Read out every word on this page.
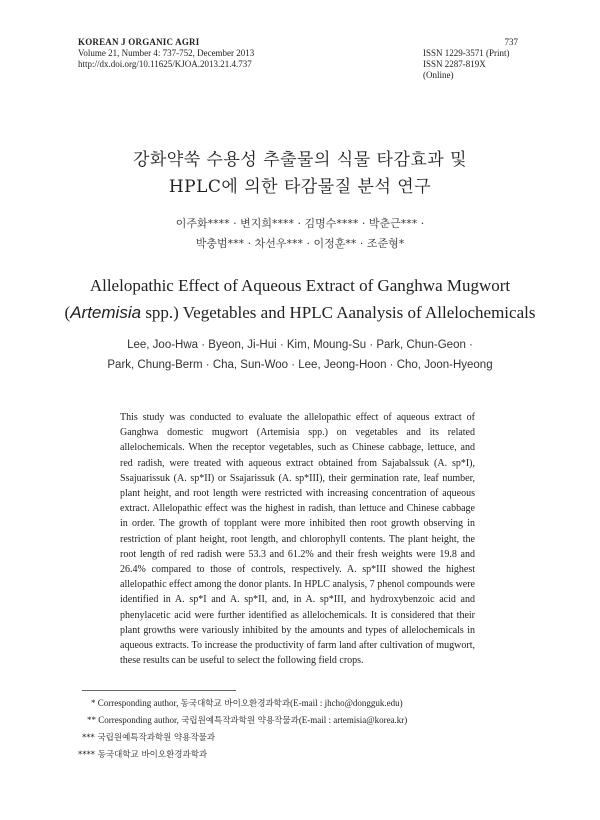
KOREAN J ORGANIC AGRI
Volume 21, Number 4: 737-752, December 2013
http://dx.doi.org/10.11625/KJOA.2013.21.4.737
737
ISSN 1229-3571 (Print)
ISSN 2287-819X (Online)
강화약쑥 수용성 추출물의 식물 타감효과 및
HPLC에 의한 타감물질 분석 연구
이주화**** · 변지희**** · 김명수**** · 박춘근*** ·
박충범*** · 차선우*** · 이정훈** · 조준형*
Allelopathic Effect of Aqueous Extract of Ganghwa Mugwort
(Artemisia spp.) Vegetables and HPLC Aanalysis of Allelochemicals
Lee, Joo-Hwa · Byeon, Ji-Hui · Kim, Moung-Su · Park, Chun-Geon ·
Park, Chung-Berm · Cha, Sun-Woo · Lee, Jeong-Hoon · Cho, Joon-Hyeong
This study was conducted to evaluate the allelopathic effect of aqueous extract of Ganghwa domestic mugwort (Artemisia spp.) on vegetables and its related allelochemicals. When the receptor vegetables, such as Chinese cabbage, lettuce, and red radish, were treated with aqueous extract obtained from Sajabalssuk (A. sp*I), Ssajuarissuk (A. sp*II) or Ssajarissuk (A. sp*III), their germination rate, leaf number, plant height, and root length were restricted with increasing concentration of aqueous extract. Allelopathic effect was the highest in radish, than lettuce and Chinese cabbage in order. The growth of topplant were more inhibited then root growth observing in restriction of plant height, root length, and chlorophyll contents. The plant height, the root length of red radish were 53.3 and 61.2% and their fresh weights were 19.8 and 26.4% compared to those of controls, respectively. A. sp*III showed the highest allelopathic effect among the donor plants. In HPLC analysis, 7 phenol compounds were identified in A. sp*I and A. sp*II, and, in A. sp*III, and hydroxybenzoic acid and phenylacetic acid were further identified as allelochemicals. It is considered that their plant growths were variously inhibited by the amounts and types of allelochemicals in aqueous extracts. To increase the productivity of farm land after cultivation of mugwort, these results can be useful to select the following field crops.
* Corresponding author, 동국대학교 바이오환경과학과(E-mail : jhcho@dongguk.edu)
** Corresponding author, 국립원예특작과학원 약용작물과(E-mail : artemisia@korea.kr)
*** 국립원예특작과학원 약용작물과
**** 동국대학교 바이오환경과학과
